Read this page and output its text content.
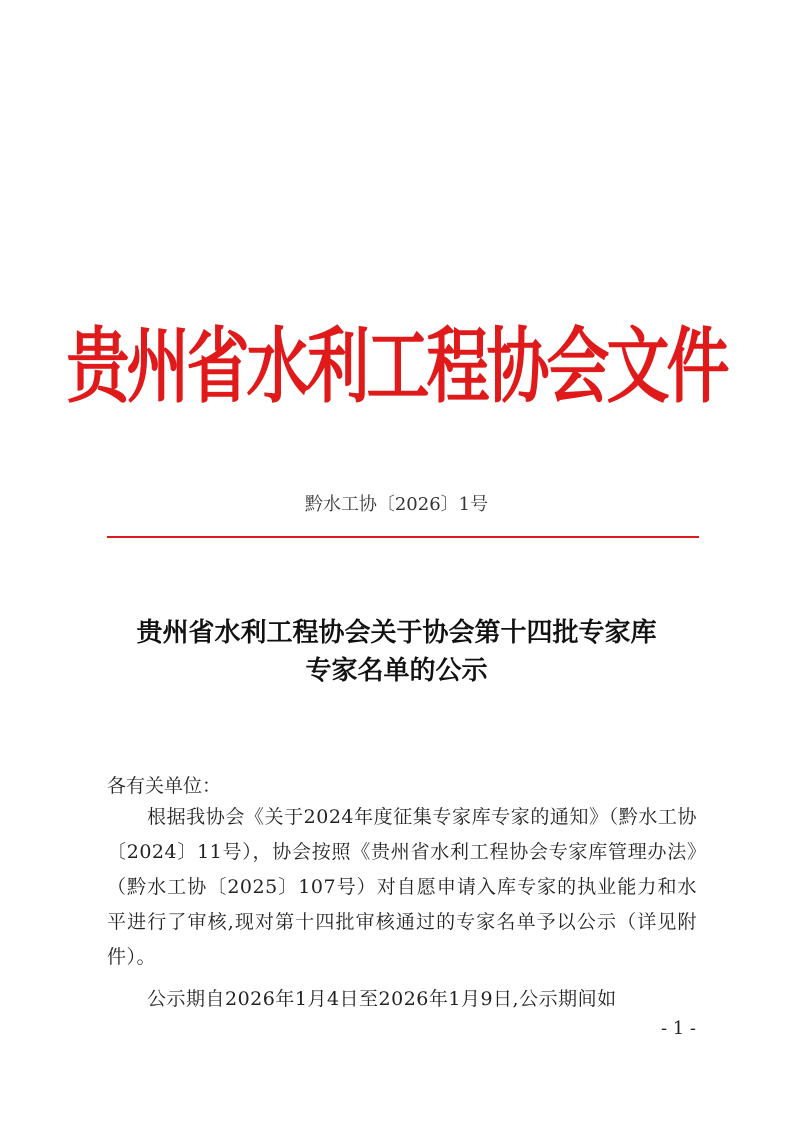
贵州省水利工程协会文件
黔水工协〔2026〕1号
贵州省水利工程协会关于协会第十四批专家库
专家名单的公示
各有关单位：
根据我协会《关于2024年度征集专家库专家的通知》（黔水工协〔2024〕11号），协会按照《贵州省水利工程协会专家库管理办法》（黔水工协〔2025〕107号）对自愿申请入库专家的执业能力和水平进行了审核,现对第十四批审核通过的专家名单予以公示（详见附件）。
公示期自2026年1月4日至2026年1月9日,公示期间如
- 1 -
